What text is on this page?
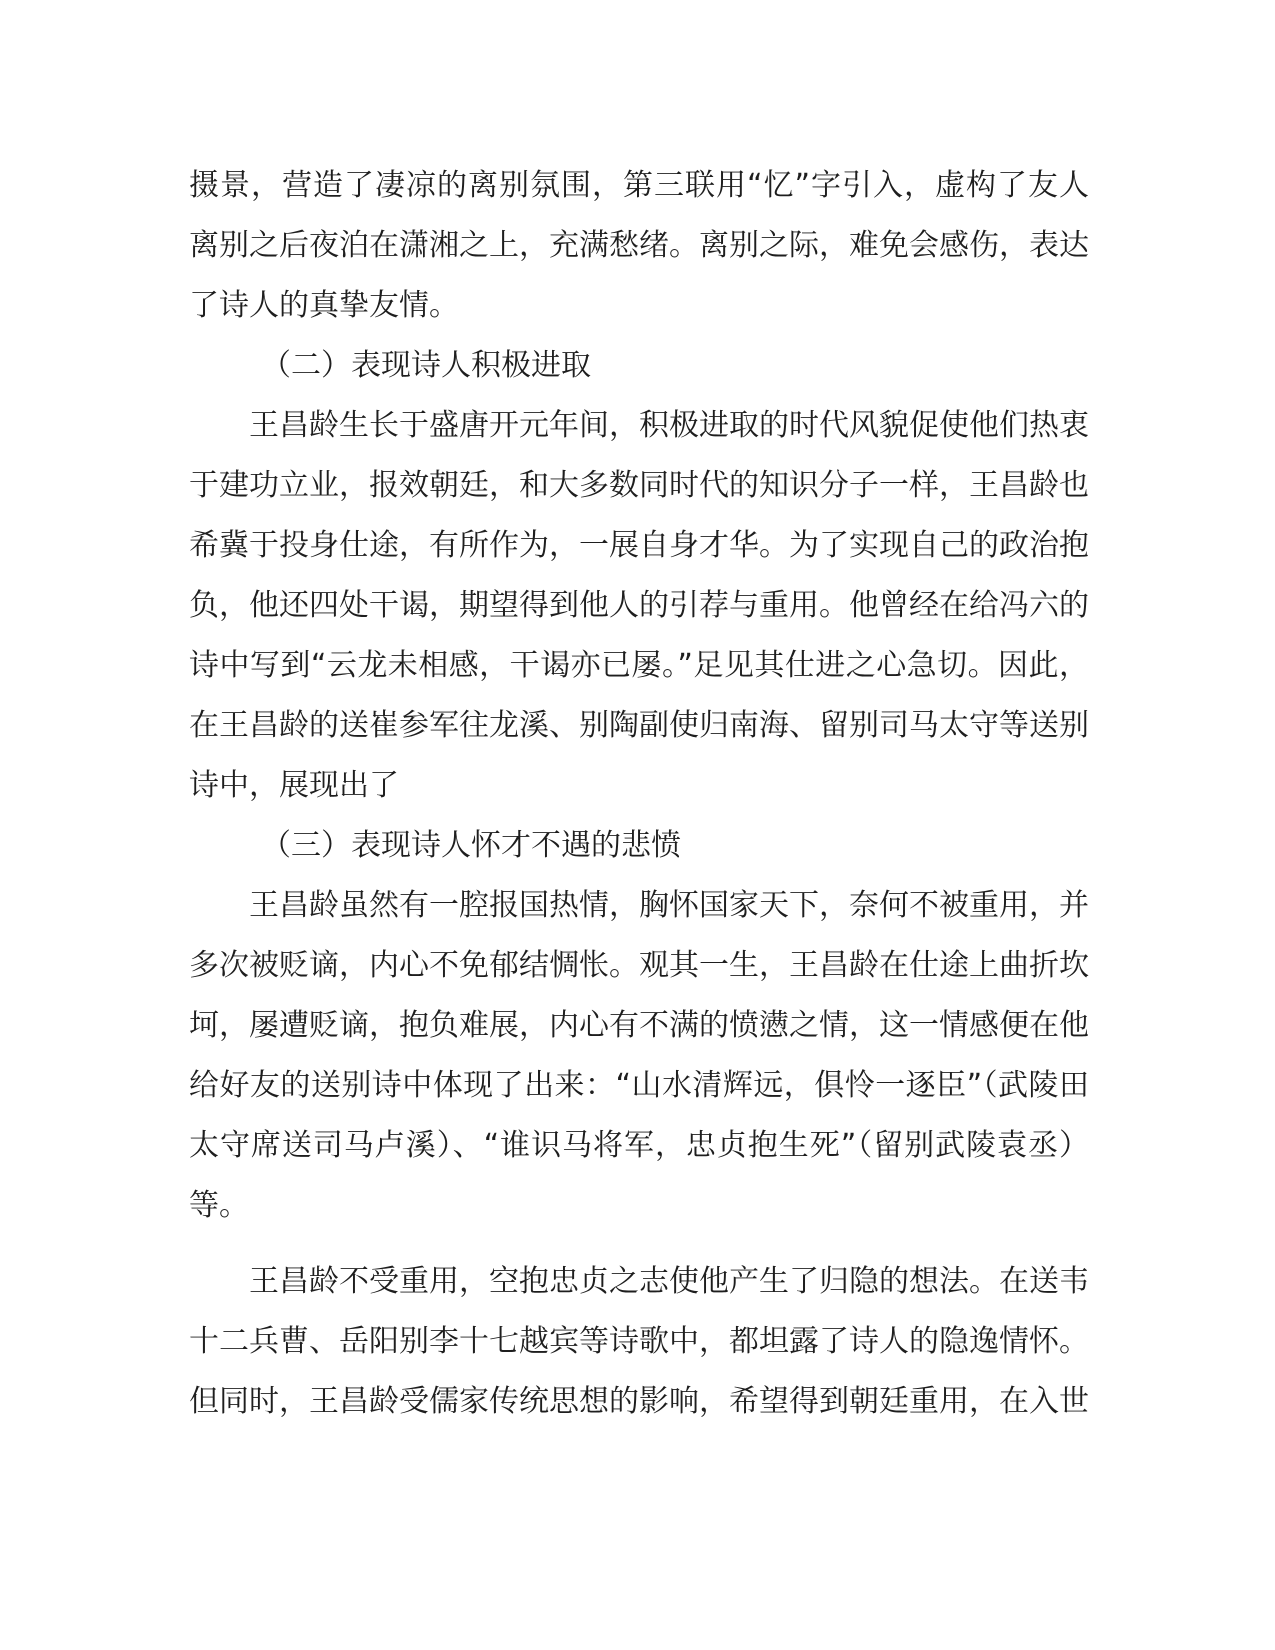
摄景，营造了凄凉的离别氛围，第三联用“忆”字引入，虚构了友人离别之后夜泊在潇湘之上，充满愁绪。离别之际，难免会感伤，表达了诗人的真挚友情。

（二）表现诗人积极进取

王昌龄生长于盛唐开元年间，积极进取的时代风貌促使他们热衷于建功立业，报效朝廷，和大多数同时代的知识分子一样，王昌龄也希冀于投身仕途，有所作为，一展自身才华。为了实现自己的政治抱负，他还四处干谒，期望得到他人的引荐与重用。他曾经在给冯六的诗中写到“云龙未相感，干谒亦已屡。”足见其仕进之心急切。因此，在王昌龄的送崔参军往龙溪、别陶副使归南海、留别司马太守等送别诗中，展现出了

（三）表现诗人怀才不遇的悲愤

王昌龄虽然有一腔报国热情，胸怀国家天下，奈何不被重用，并多次被贬谪，内心不免郁结惆怅。观其一生，王昌龄在仕途上曲折坎坷，屡遭贬谪，抱负难展，内心有不满的愤懑之情，这一情感便在他给好友的送别诗中体现了出来：“山水清辉远，俱怜一逐臣”（武陵田太守席送司马卢溪）、“谁识马将军，忠贞抱生死”（留别武陵袁丞）等。

王昌龄不受重用，空抱忠贞之志使他产生了归隐的想法。在送韦十二兵曹、岳阳别李十七越宾等诗歌中，都坦露了诗人的隐逸情怀。但同时，王昌龄受儒家传统思想的影响，希望得到朝廷重用，在入世
